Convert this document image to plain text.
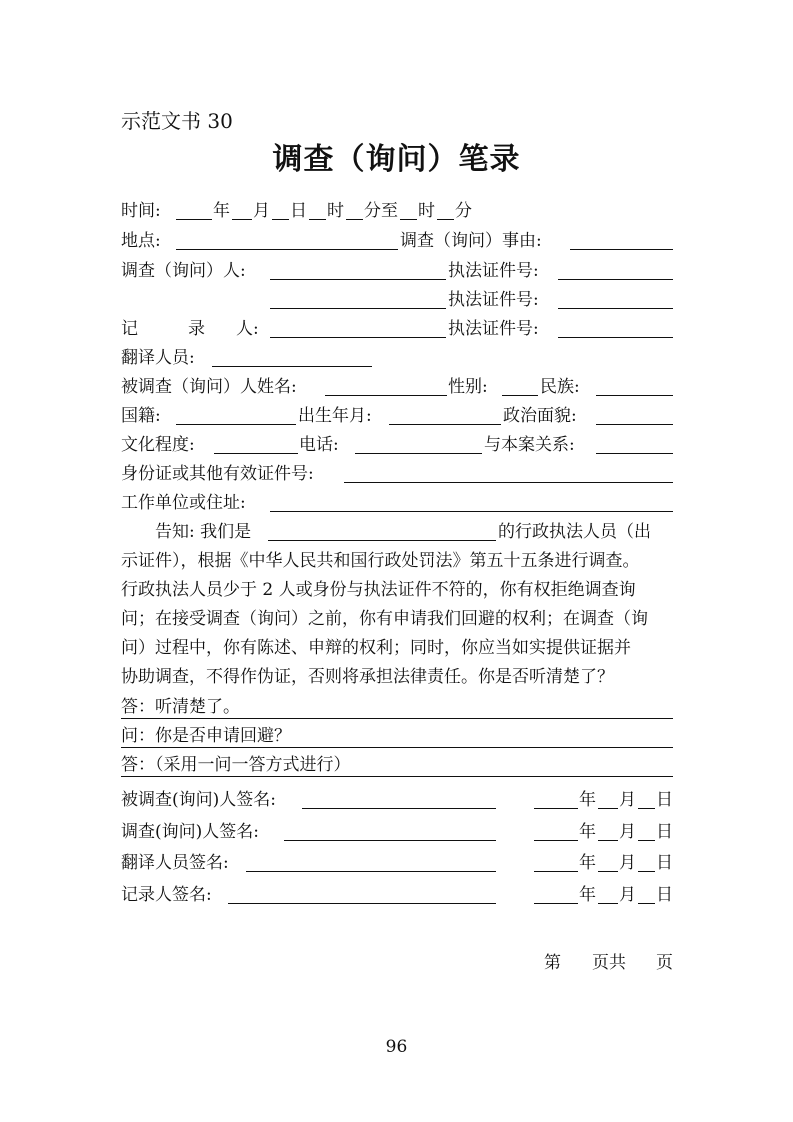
示范文书 30
调查（询问）笔录
时间:	年 月 日 时 分至 时 分
地点:	调查（询问）事由:
调查（询问）人:	执法证件号:
执法证件号:
记	录 人:	执法证件号:
翻译人员:
被调查（询问）人姓名:	性别:	民族:
国籍:	出生年月:	政治面貌:
文化程度:	电话:	与本案关系:
身份证或其他有效证件号:
工作单位或住址:
告知: 我们是	的行政执法人员（出
示证件），根据《中华人民共和国行政处罚法》第五十五条进行调查。
行政执法人员少于 2 人或身份与执法证件不符的，你有权拒绝调查询
问；在接受调查（询问）之前，你有申请我们回避的权利；在调查（询
问）过程中，你有陈述、申辩的权利；同时，你应当如实提供证据并
协助调查，不得作伪证，否则将承担法律责任。你是否听清楚了？
答：听清楚了。
问：你是否申请回避？
答：（采用一问一答方式进行）
被调查(询问)人签名:	年 月 日
调查(询问)人签名:	年 月 日
翻译人员签名:	年 月 日
记录人签名:	年 月 日
第 页共 页
96
